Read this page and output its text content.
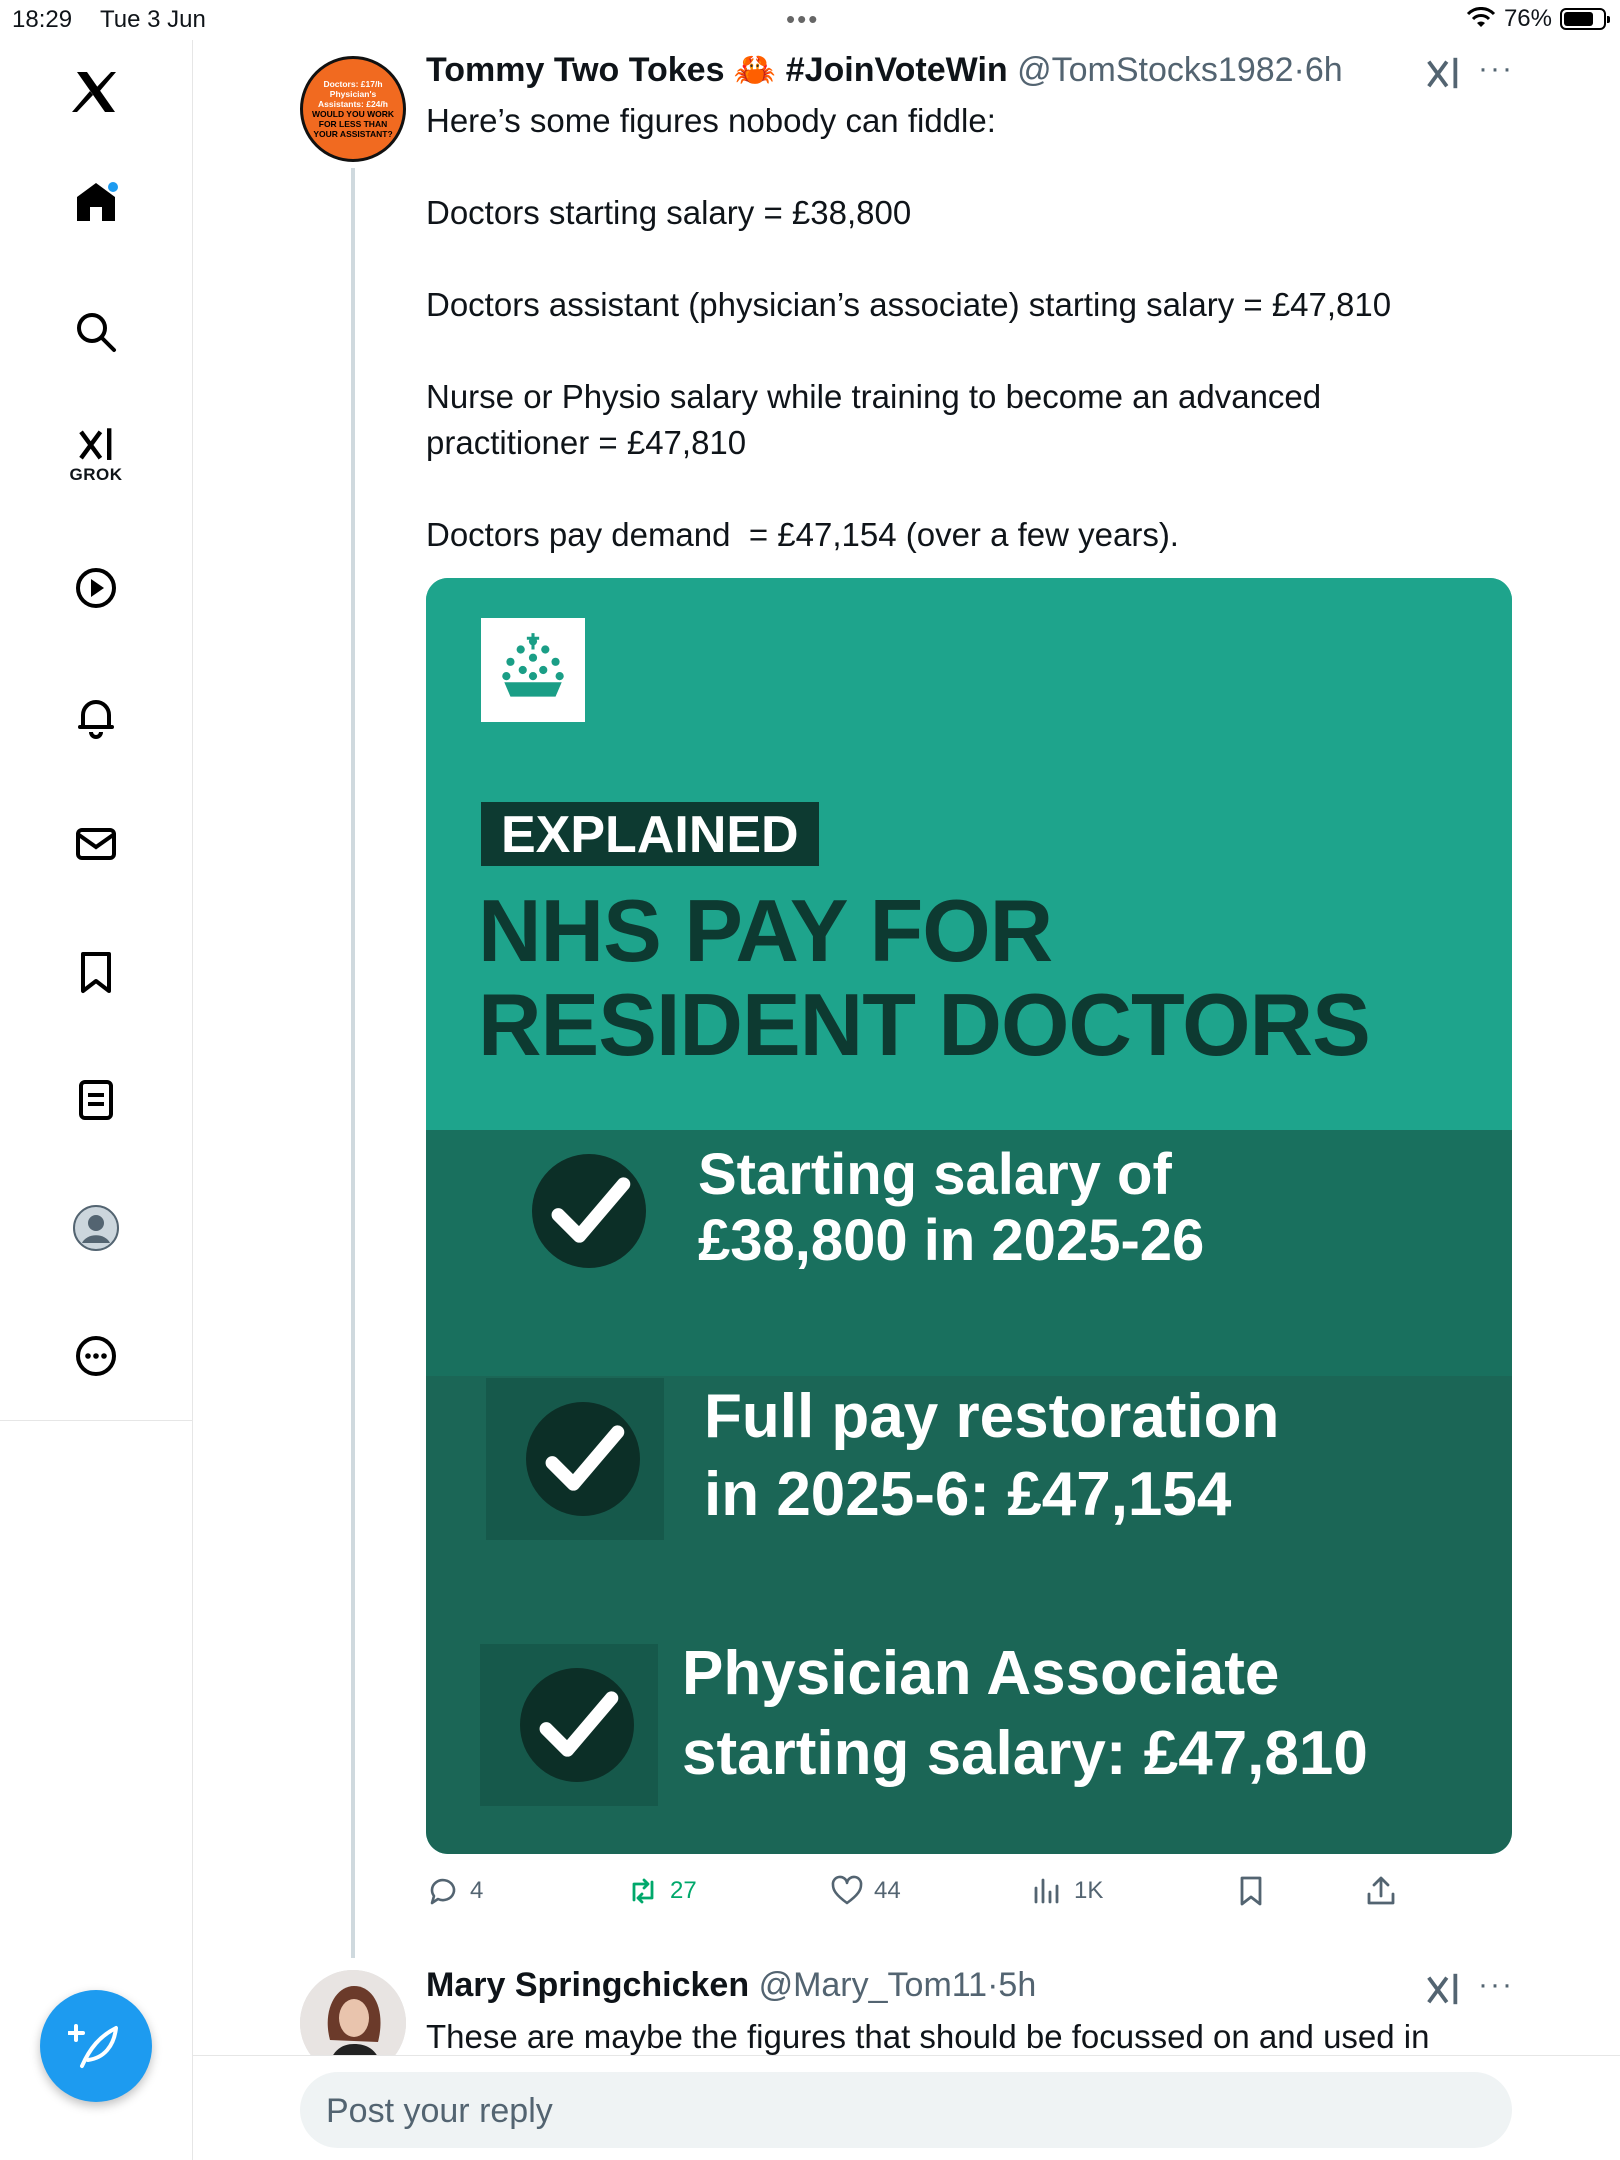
18:29 Tue 3 Jun	•••	76%
GROK
Doctors: £17/h
Physician's
Assistants: £24/h
WOULD YOU WORK
FOR LESS THAN
YOUR ASSISTANT?
Tommy Two Tokes 🦀 #JoinVoteWin @TomStocks1982·6h	···
Here’s some figures nobody can fiddle:

Doctors starting salary = £38,800

Doctors assistant (physician’s associate) starting salary = £47,810

Nurse or Physio salary while training to become an advanced
practitioner = £47,810

Doctors pay demand  = £47,154 (over a few years).
EXPLAINED
NHS PAY FOR
RESIDENT DOCTORS
Starting salary of
£38,800 in 2025-26
Full pay restoration
in 2025-6: £47,154
Physician Associate
starting salary: £47,810
4	27	44	1K
Mary Springchicken @Mary_Tom11·5h	···
These are maybe the figures that should be focussed on and used in
Post your reply
